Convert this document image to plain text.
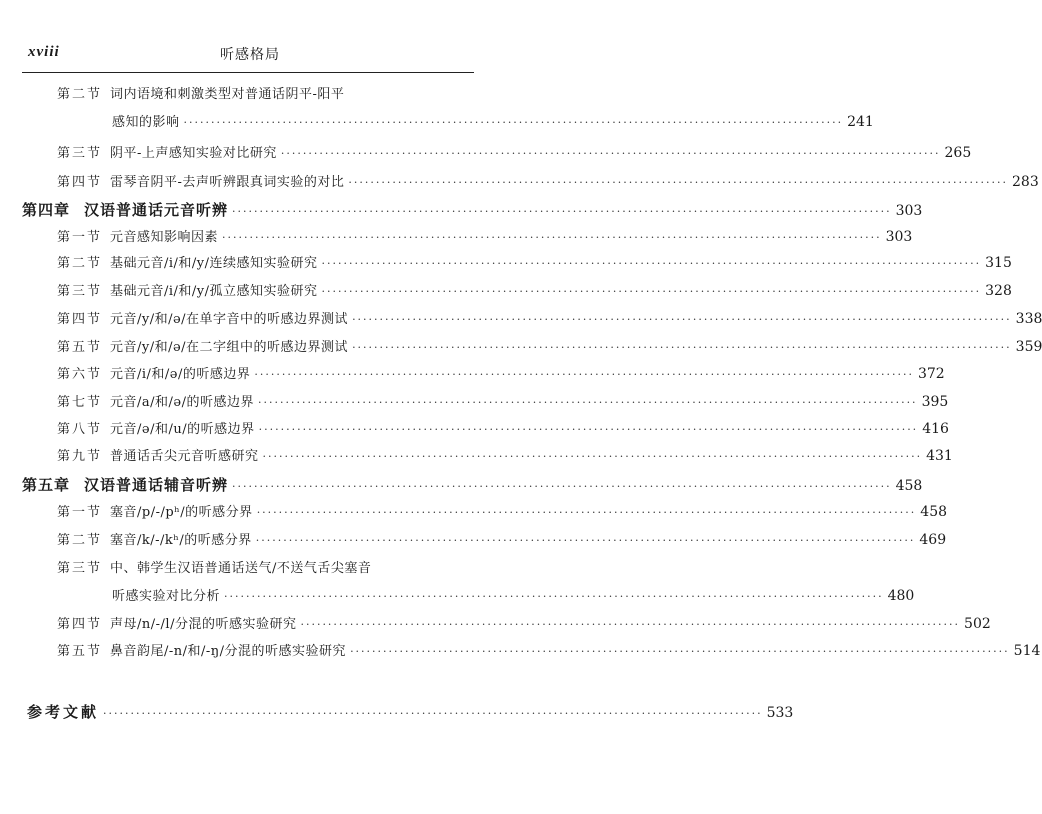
xviii	听感格局
第二节 词内语境和刺激类型对普通话阴平-阳平
感知的影响 ························································································································ 241
第三节 阴平-上声感知实验对比研究 ························································································································ 265
第四节 雷琴音阴平-去声听辨跟真词实验的对比 ························································································································ 283
第四章 汉语普通话元音听辨 ························································································································ 303
第一节 元音感知影响因素 ························································································································ 303
第二节 基础元音/i/和/y/连续感知实验研究 ························································································································ 315
第三节 基础元音/i/和/y/孤立感知实验研究 ························································································································ 328
第四节 元音/y/和/ə/在单字音中的听感边界测试 ························································································································ 338
第五节 元音/y/和/ə/在二字组中的听感边界测试 ························································································································ 359
第六节 元音/i/和/ə/的听感边界 ························································································································ 372
第七节 元音/a/和/ə/的听感边界 ························································································································ 395
第八节 元音/ə/和/u/的听感边界 ························································································································ 416
第九节 普通话舌尖元音听感研究 ························································································································ 431
第五章 汉语普通话辅音听辨 ························································································································ 458
第一节 塞音/p/-/pʰ/的听感分界 ························································································································ 458
第二节 塞音/k/-/kʰ/的听感分界 ························································································································ 469
第三节 中、韩学生汉语普通话送气/不送气舌尖塞音
听感实验对比分析 ························································································································ 480
第四节 声母/n/-/l/分混的听感实验研究 ························································································································ 502
第五节 鼻音韵尾/-n/和/-ŋ/分混的听感实验研究 ························································································································ 514
参考文献 ························································································································ 533
